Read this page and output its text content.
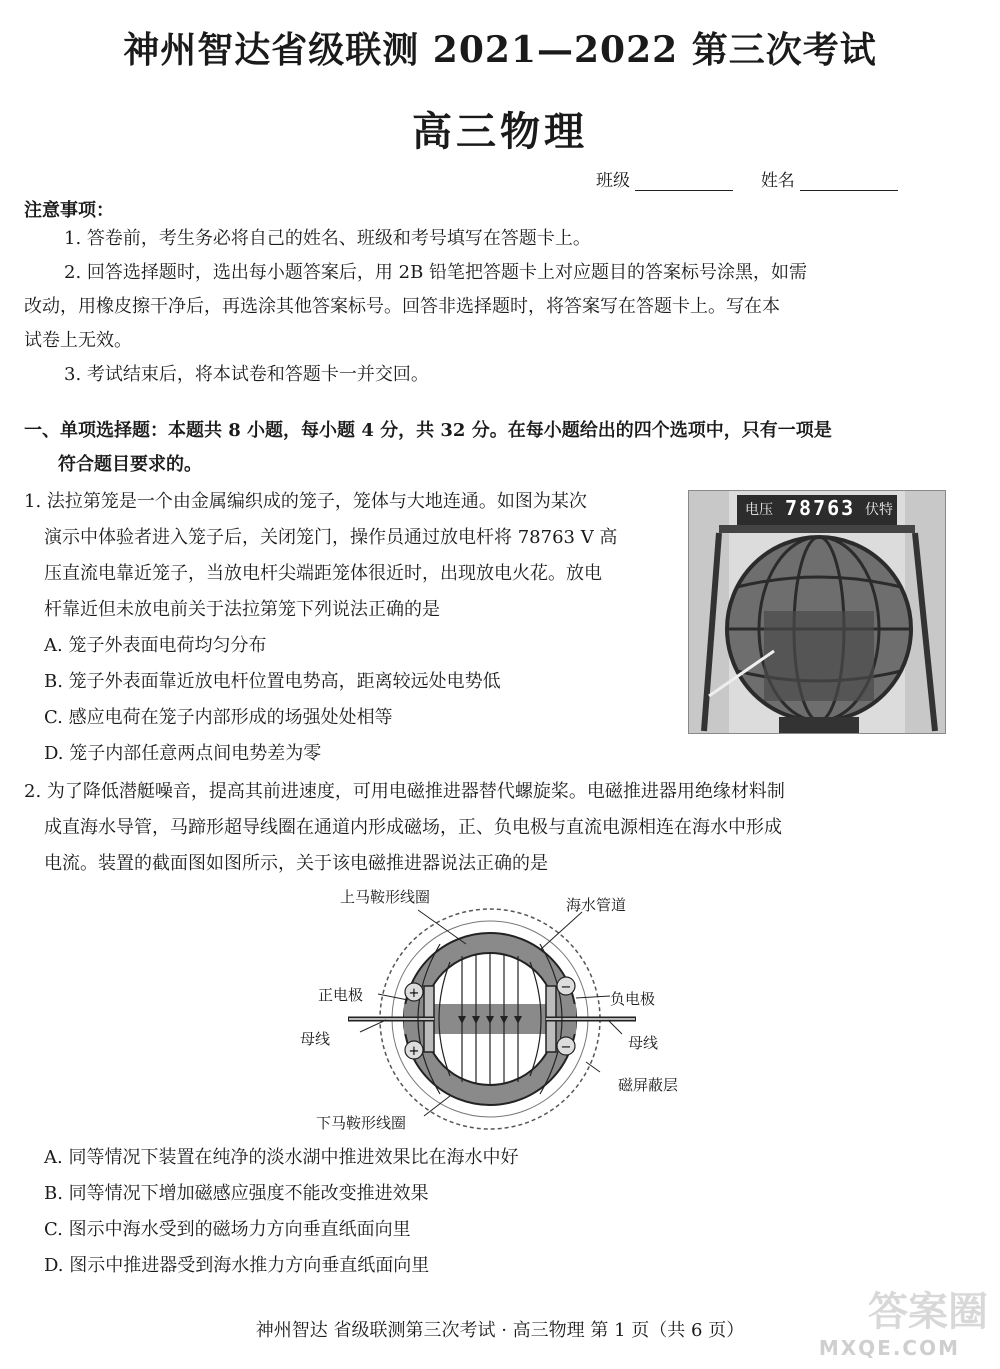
神州智达省级联测 2021—2022 第三次考试
高三物理
班级	姓名
注意事项：
1. 答卷前，考生务必将自己的姓名、班级和考号填写在答题卡上。
2. 回答选择题时，选出每小题答案后，用 2B 铅笔把答题卡上对应题目的答案标号涂黑，如需
改动，用橡皮擦干净后，再选涂其他答案标号。回答非选择题时，将答案写在答题卡上。写在本
试卷上无效。
3. 考试结束后，将本试卷和答题卡一并交回。
一、单项选择题：本题共 8 小题，每小题 4 分，共 32 分。在每小题给出的四个选项中，只有一项是
符合题目要求的。
1. 法拉第笼是一个由金属编织成的笼子，笼体与大地连通。如图为某次
演示中体验者进入笼子后，关闭笼门，操作员通过放电杆将 78763 V 高
压直流电靠近笼子，当放电杆尖端距笼体很近时，出现放电火花。放电
杆靠近但未放电前关于法拉第笼下列说法正确的是
A. 笼子外表面电荷均匀分布
B. 笼子外表面靠近放电杆位置电势高，距离较远处电势低
C. 感应电荷在笼子内部形成的场强处处相等
D. 笼子内部任意两点间电势差为零
电压 78763 伏特
2. 为了降低潜艇噪音，提高其前进速度，可用电磁推进器替代螺旋桨。电磁推进器用绝缘材料制
成直海水导管，马蹄形超导线圈在通道内形成磁场，正、负电极与直流电源相连在海水中形成
电流。装置的截面图如图所示，关于该电磁推进器说法正确的是
+
+
−
−
上马鞍形线圈	海水管道
正电极	负电极
母线	母线
磁屏蔽层
下马鞍形线圈
A. 同等情况下装置在纯净的淡水湖中推进效果比在海水中好
B. 同等情况下增加磁感应强度不能改变推进效果
C. 图示中海水受到的磁场力方向垂直纸面向里
D. 图示中推进器受到海水推力方向垂直纸面向里
神州智达 省级联测第三次考试 · 高三物理 第 1 页（共 6 页）	答案圈
MXQE.COM
